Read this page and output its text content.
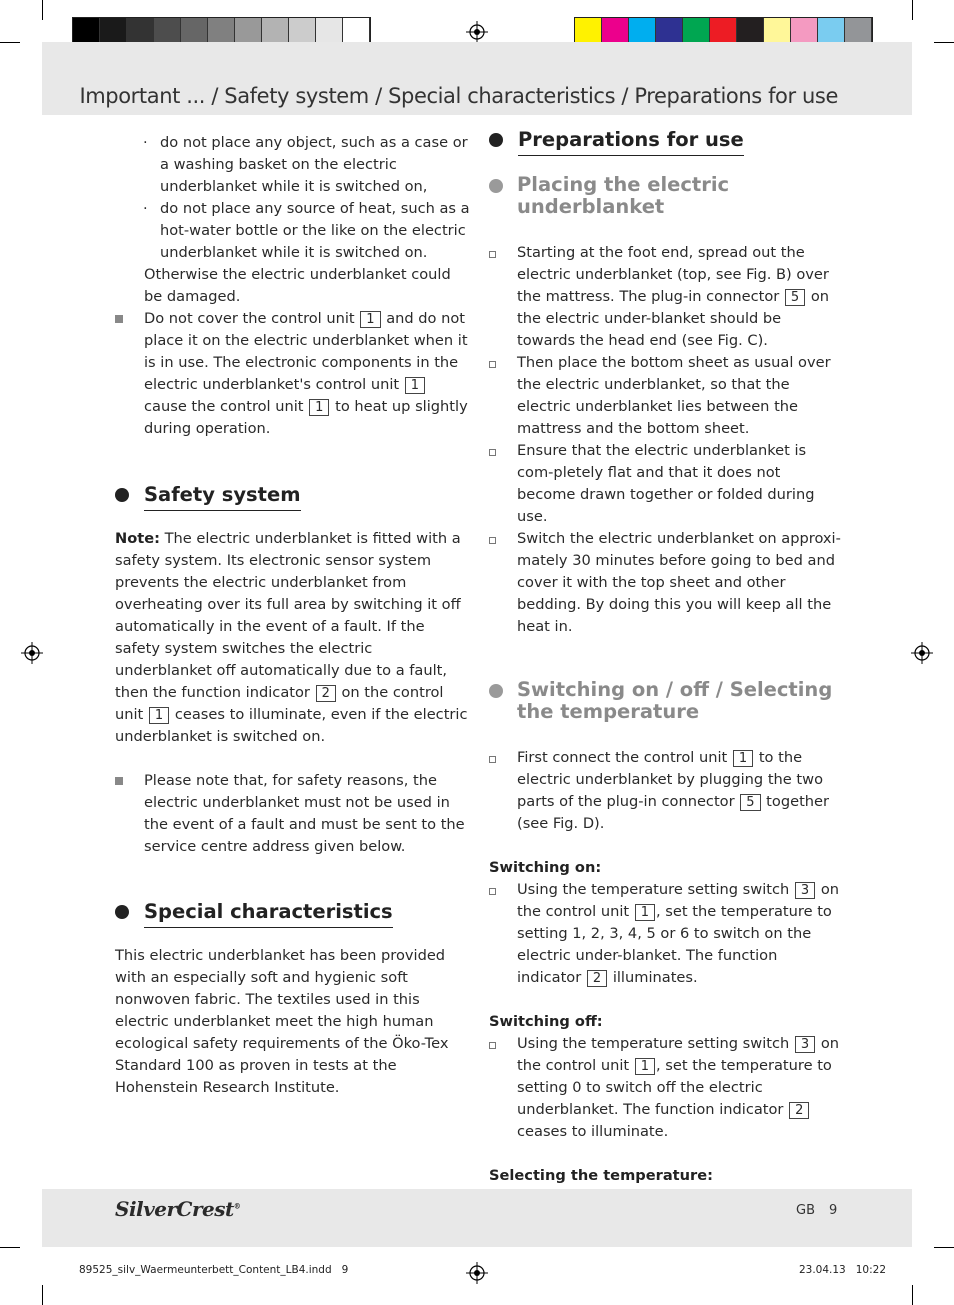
Important ... / Safety system / Special characteristics / Preparations for use

· do not place any object, such as a case or a washing basket on the electric underblanket while it is switched on,

· do not place any source of heat, such as a hot-water bottle or the like on the electric underblanket while it is switched on.

Otherwise the electric underblanket could be damaged.

Do not cover the control unit 1 and do not place it on the electric underblanket when it is in use. The electronic components in the electric underblanket's control unit 1 cause the control unit 1 to heat up slightly during operation.
Safety system

Note: The electric underblanket is fitted with a safety system. Its electronic sensor system prevents the electric underblanket from overheating over its full area by switching it off automatically in the event of a fault. If the safety system switches the electric underblanket off automatically due to a fault, then the function indicator 2 on the control unit 1 ceases to illuminate, even if the electric underblanket is switched on.

Please note that, for safety reasons, the electric underblanket must not be used in the event of a fault and must be sent to the service centre address given below.
Special characteristics

This electric underblanket has been provided with an especially soft and hygienic soft nonwoven fabric. The textiles used in this electric underblanket meet the high human ecological safety requirements of the Öko-Tex Standard 100 as proven in tests at the Hohenstein Research Institute.

Preparations for use
Placing the electric
underblanket
Starting at the foot end, spread out the electric underblanket (top, see Fig. B) over the mattress. The plug-in connector 5 on the electric under-blanket should be towards the head end (see Fig. C).
Then place the bottom sheet as usual over the electric underblanket, so that the electric underblanket lies between the mattress and the bottom sheet.
Ensure that the electric underblanket is com-pletely flat and that it does not become drawn together or folded during use.
Switch the electric underblanket on approxi-mately 30 minutes before going to bed and cover it with the top sheet and other bedding. By doing this you will keep all the heat in.
Switching on / off / Selecting
the temperature
First connect the control unit 1 to the electric underblanket by plugging the two parts of the plug-in connector 5 together (see Fig. D).

Switching on:

Using the temperature setting switch 3 on the control unit 1 , set the temperature to setting 1, 2, 3, 4, 5 or 6 to switch on the electric under-blanket. The function indicator 2 illuminates.

Switching off:

Using the temperature setting switch 3 on the control unit 1 , set the temperature to setting 0 to switch off the electric underblanket. The function indicator 2 ceases to illuminate.

Selecting the temperature:

SilverCrest®	GB 9
89525_silv_Waermeunterbett_Content_LB4.indd   9	23.04.13   10:22
